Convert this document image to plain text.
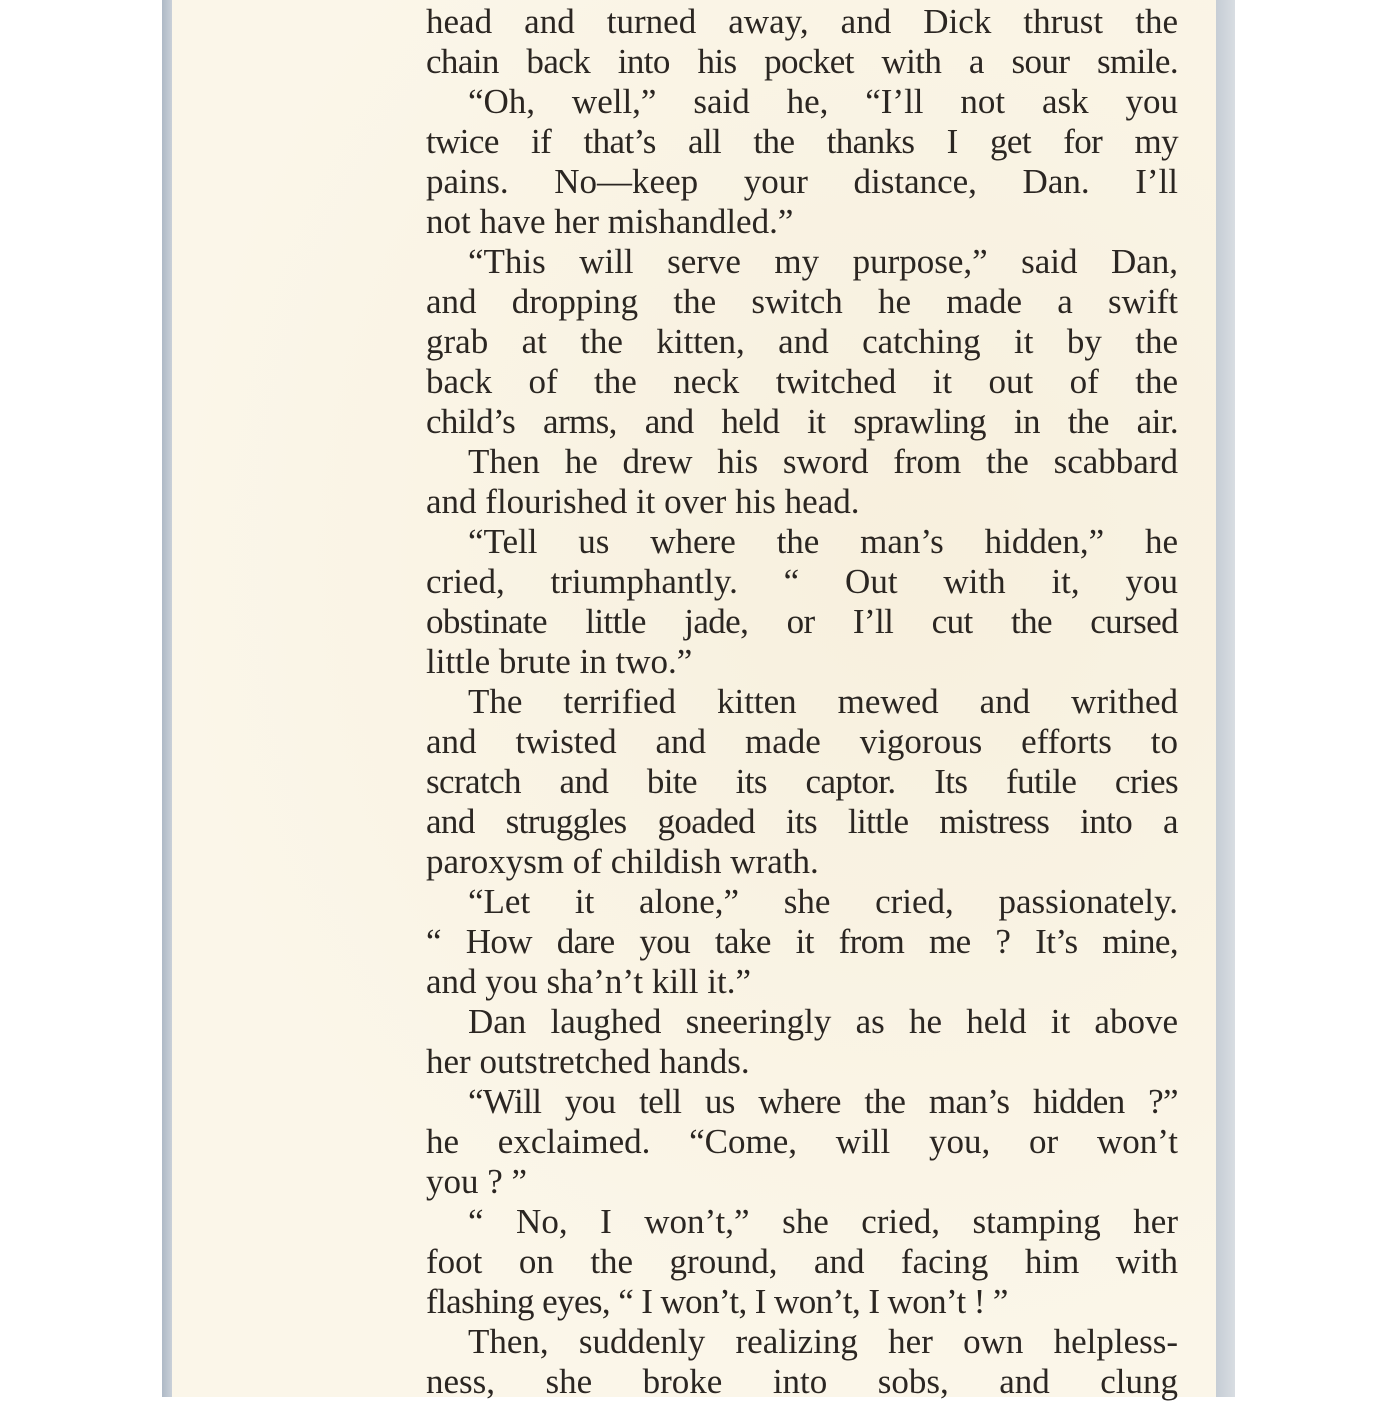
head and turned away, and Dick thrust the
chain back into his pocket with a sour smile.
“Oh, well,” said he, “I’ll not ask you
twice if that’s all the thanks I get for my
pains. No—keep your distance, Dan. I’ll
not have her mishandled.”
“This will serve my purpose,” said Dan,
and dropping the switch he made a swift
grab at the kitten, and catching it by the
back of the neck twitched it out of the
child’s arms, and held it sprawling in the air.
Then he drew his sword from the scabbard
and flourished it over his head.
“Tell us where the man’s hidden,” he
cried, triumphantly. “ Out with it, you
obstinate little jade, or I’ll cut the cursed
little brute in two.”
The terrified kitten mewed and writhed
and twisted and made vigorous efforts to
scratch and bite its captor. Its futile cries
and struggles goaded its little mistress into a
paroxysm of childish wrath.
“Let it alone,” she cried, passionately.
“ How dare you take it from me ? It’s mine,
and you sha’n’t kill it.”
Dan laughed sneeringly as he held it above
her outstretched hands.
“Will you tell us where the man’s hidden ?”
he exclaimed. “Come, will you, or won’t
you ? ”
“ No, I won’t,” she cried, stamping her
foot on the ground, and facing him with
flashing eyes, “ I won’t, I won’t, I won’t ! ”
Then, suddenly realizing her own helpless-
ness, she broke into sobs, and clung
